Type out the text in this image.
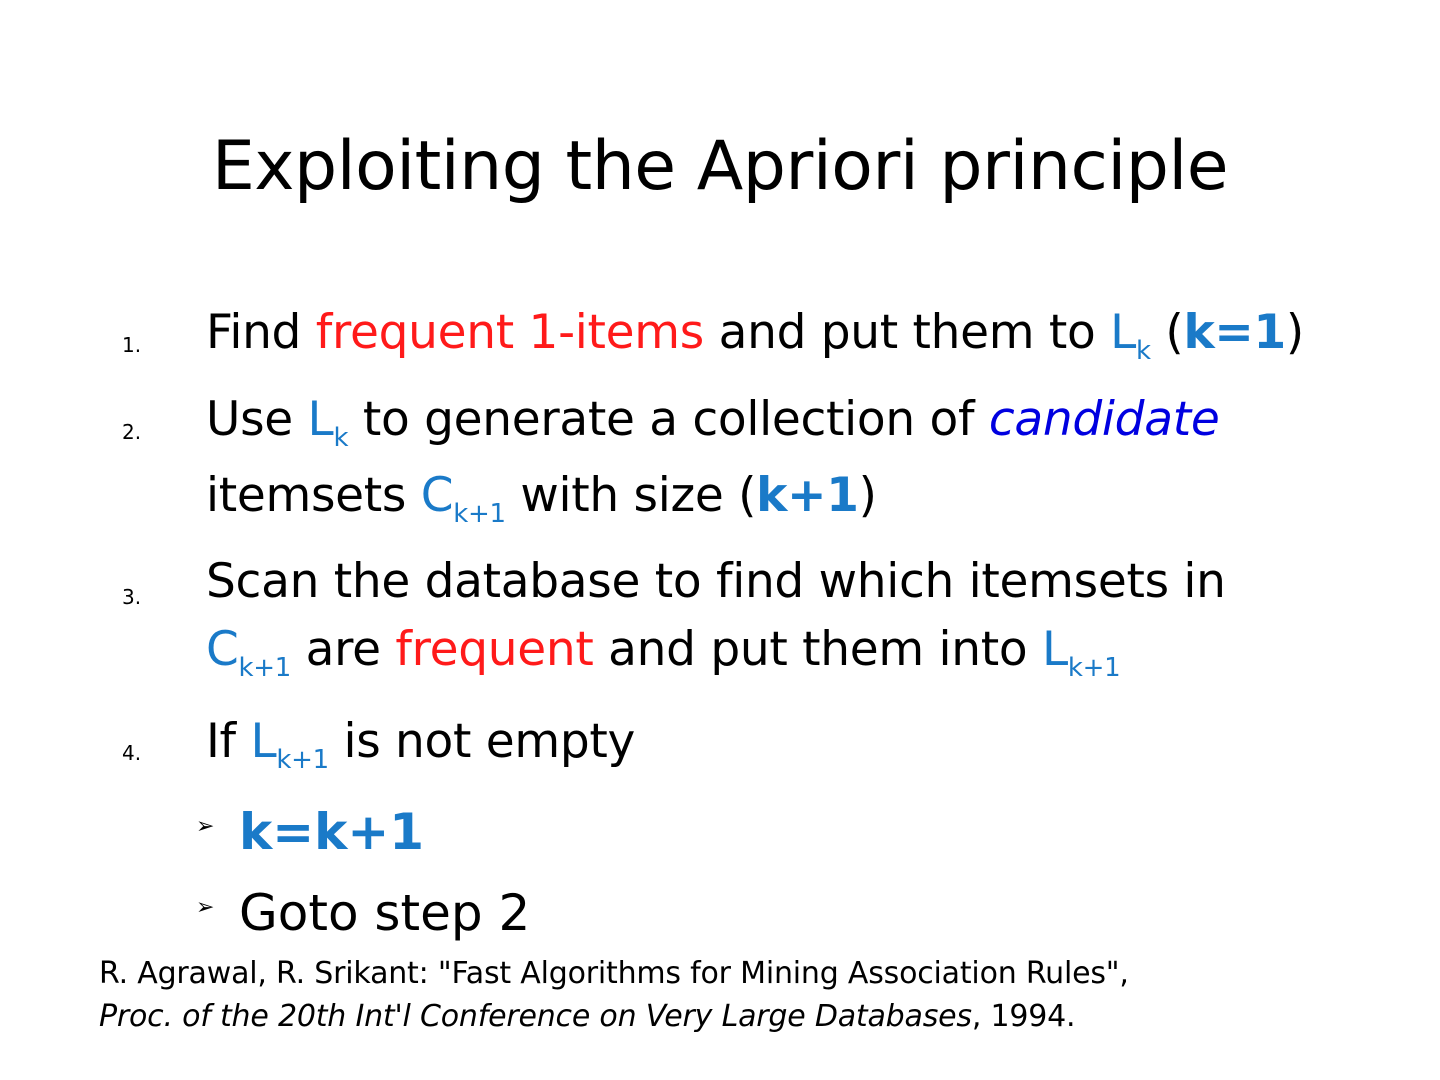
Exploiting the Apriori principle
1. Find frequent 1-items and put them to $L_k$ (k=1)
2. Use $L_k$ to generate a collection of candidate
itemsets $C_{k+1}$ with size (k+1)
3. Scan the database to find which itemsets in
$C_{k+1}$ are frequent and put them into $L_{k+1}$
4. If $L_{k+1}$ is not empty
➢ k=k+1
➢ Goto step 2
R. Agrawal, R. Srikant: "Fast Algorithms for Mining Association Rules",
Proc. of the 20th Int'l Conference on Very Large Databases, 1994.
